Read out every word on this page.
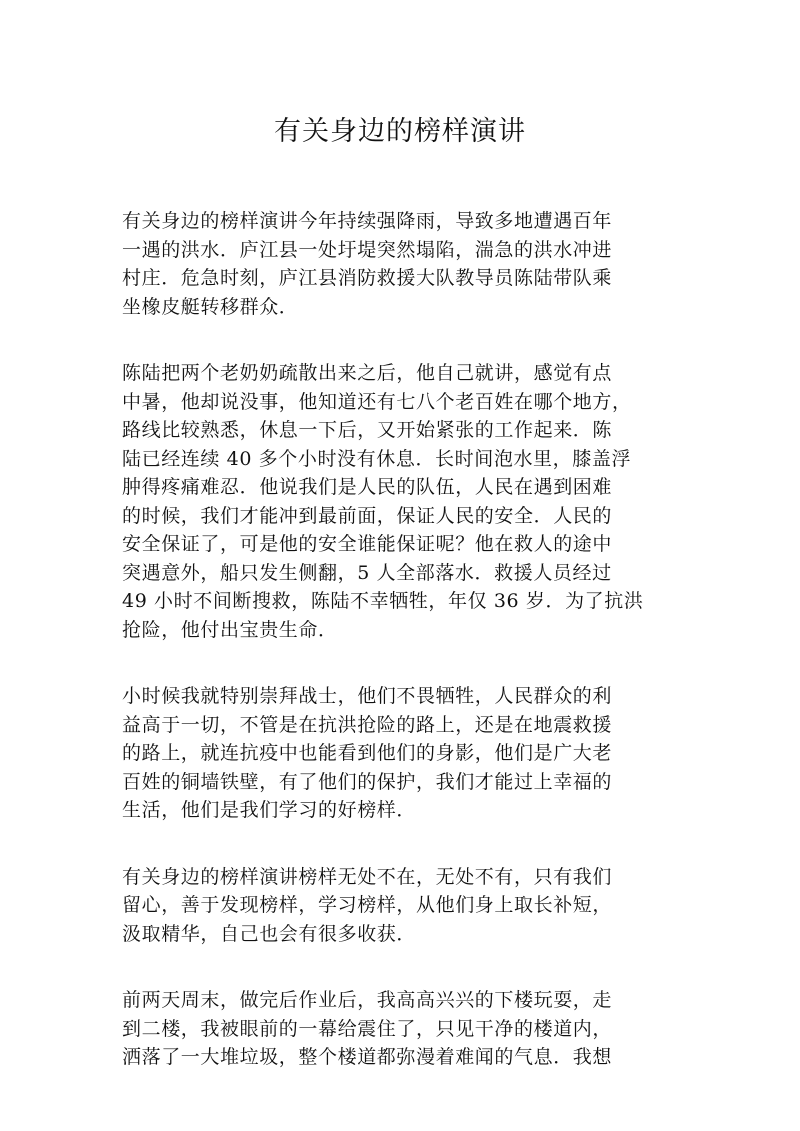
有关身边的榜样演讲

有关身边的榜样演讲今年持续强降雨，导致多地遭遇百年
一遇的洪水．庐江县一处圩堤突然塌陷，湍急的洪水冲进
村庄．危急时刻，庐江县消防救援大队教导员陈陆带队乘
坐橡皮艇转移群众．

陈陆把两个老奶奶疏散出来之后，他自己就讲，感觉有点
中暑，他却说没事，他知道还有七八个老百姓在哪个地方，
路线比较熟悉，休息一下后，又开始紧张的工作起来．陈
陆已经连续 40 多个小时没有休息．长时间泡水里，膝盖浮
肿得疼痛难忍．他说我们是人民的队伍，人民在遇到困难
的时候，我们才能冲到最前面，保证人民的安全．人民的
安全保证了，可是他的安全谁能保证呢？他在救人的途中
突遇意外，船只发生侧翻，5 人全部落水．救援人员经过
49 小时不间断搜救，陈陆不幸牺牲，年仅 36 岁．为了抗洪
抢险，他付出宝贵生命．

小时候我就特别崇拜战士，他们不畏牺牲，人民群众的利
益高于一切，不管是在抗洪抢险的路上，还是在地震救援
的路上，就连抗疫中也能看到他们的身影，他们是广大老
百姓的铜墙铁壁，有了他们的保护，我们才能过上幸福的
生活，他们是我们学习的好榜样．

有关身边的榜样演讲榜样无处不在，无处不有，只有我们
留心，善于发现榜样，学习榜样，从他们身上取长补短，
汲取精华，自己也会有很多收获．

前两天周末，做完后作业后，我高高兴兴的下楼玩耍，走
到二楼，我被眼前的一幕给震住了，只见干净的楼道内，
洒落了一大堆垃圾，整个楼道都弥漫着难闻的气息．我想
